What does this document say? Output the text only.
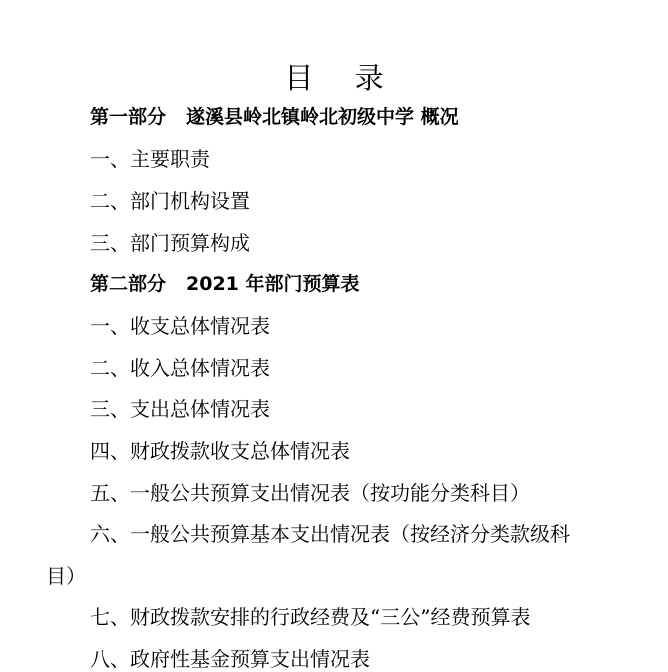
目 录
第一部分 遂溪县岭北镇岭北初级中学 概况
一、主要职责
二、部门机构设置
三、部门预算构成
第二部分 2021 年部门预算表
一、收支总体情况表
二、收入总体情况表
三、支出总体情况表
四、财政拨款收支总体情况表
五、一般公共预算支出情况表（按功能分类科目）
六、一般公共预算基本支出情况表（按经济分类款级科
目）
七、财政拨款安排的行政经费及“三公”经费预算表
八、政府性基金预算支出情况表
